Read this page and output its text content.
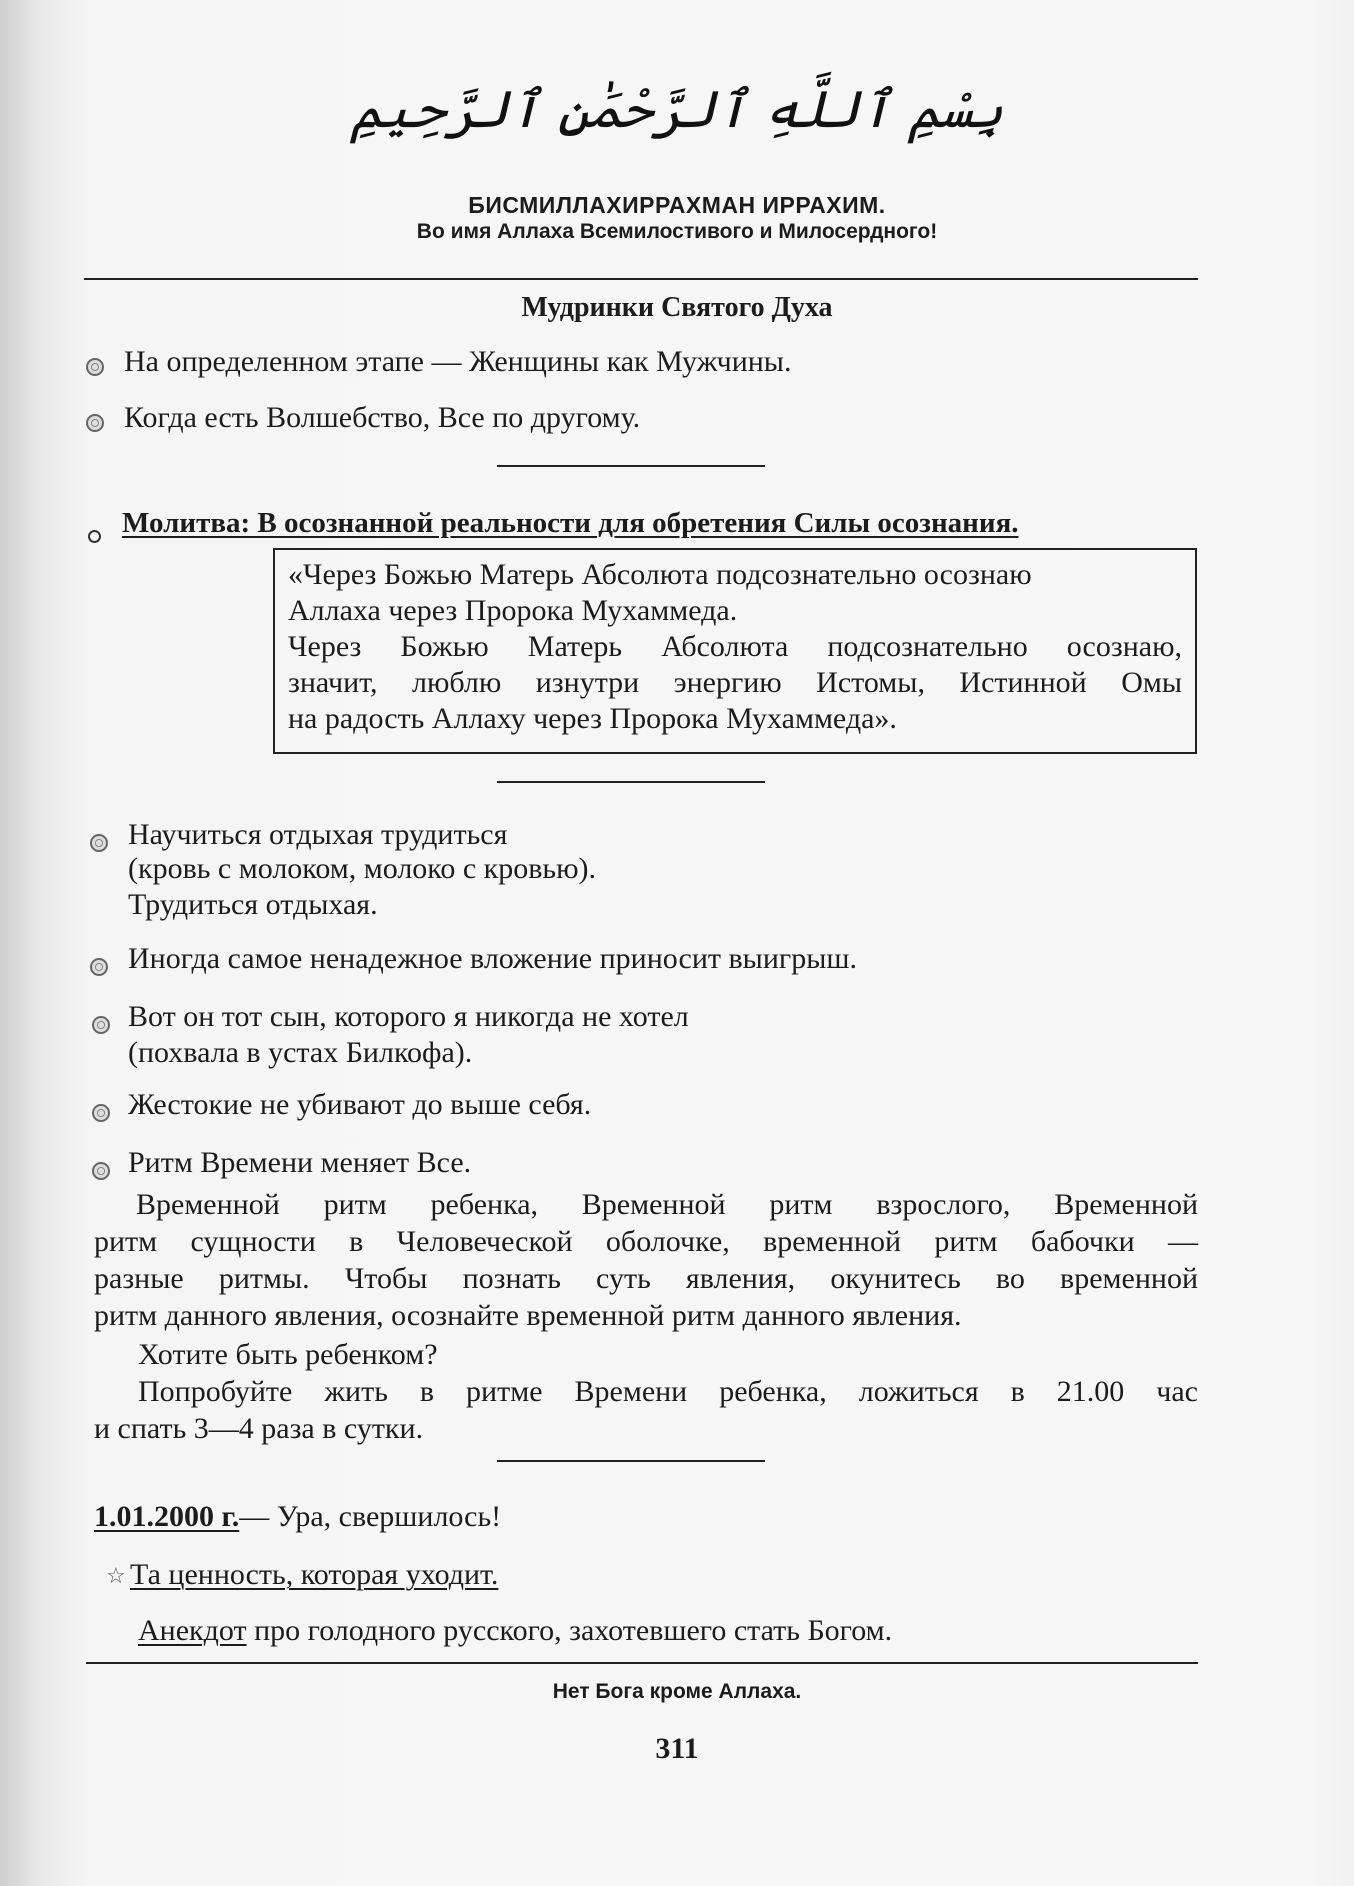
بِسْمِ ٱللَّهِ ٱلرَّحْمَٰنِ ٱلرَّحِيمِ
БИСМИЛЛАХИРРАХМАН ИРРАХИМ.
Во имя Аллаха Всемилостивого и Милосердного!
Мудринки Святого Духа
На определенном этапе — Женщины как Мужчины.
Когда есть Волшебство, Все по другому.
Молитва: В осознанной реальности для обретения Силы осознания.
«Через Божью Матерь Абсолюта подсознательно осознаю
Аллаха через Пророка Мухаммеда.
Через Божью Матерь Абсолюта подсознательно осознаю,
значит, люблю изнутри энергию Истомы, Истинной Омы
на радость Аллаху через Пророка Мухаммеда».
Научиться отдыхая трудиться
(кровь с молоком, молоко с кровью).
Трудиться отдыхая.
Иногда самое ненадежное вложение приносит выигрыш.
Вот он тот сын, которого я никогда не хотел
(похвала в устах Билкофа).
Жестокие не убивают до выше себя.
Ритм Времени меняет Все.
Временной ритм ребенка, Временной ритм взрослого, Временной
ритм сущности в Человеческой оболочке, временной ритм бабочки —
разные ритмы. Чтобы познать суть явления, окунитесь во временной
ритм данного явления, осознайте временной ритм данного явления.
Хотите быть ребенком?
Попробуйте жить в ритме Времени ребенка, ложиться в 21.00 час
и спать 3—4 раза в сутки.
1.01.2000 г.— Ура, свершилось!
☆ Та ценность, которая уходит.
Анекдот про голодного русского, захотевшего стать Богом.
Нет Бога кроме Аллаха.
311
